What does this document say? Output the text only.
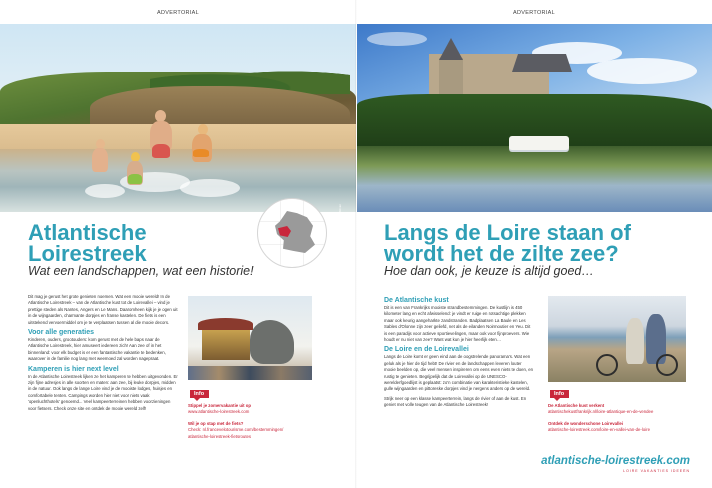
ADVERTORIAL
© Pierre Minier
Atlantische
Loirestreek
Wat een landschappen, wat een historie!
Dit mag je gerust het grote genieten noemen. Wat een mooie wereld! In de Atlantische Loirestreek – van de Atlantische kust tot de Loirevallei – vind je prettige steden als Nantes, Angers en Le Mans. Daaromheen kijk je je ogen uit in de wijngaarden, charmante dorpjes en franse kastelen. De fiets is een uitstekend vervoermiddel om je te verplaatsen tussen al die mooie decors.
Voor alle generaties
Kinderen, ouders, grootouders: kom gerust met de hele baps naar de Atlantische Loirestreek, hier amuseert iedereen zich! Aan zee of in het binnenland: voor elk budget is er een fantastische vakantie te bedenken, waarover in de familie nog lang met weemoed zal worden nagepraat.
Kamperen is hier next level
In de Atlantische Loirestreek lijken ze het kamperen te hebben uitgevonden. Er zijn fijne adresjes in alle soorten en maten: aan zee, bij leuke dorpjes, midden in de natuur. Ook langs de lange Loire vind je de mooiste lodges, huisjes en comfortabele tenten. Campings worden hier niet voor niets vaak 'openluchthotels' genoemd... Veel kampeerterreinen hebben voorzieningen voor fietsers. Check onze site en ontdek de mooie wereld zelf!
Info
Stippel je zomervakantie uit op
www.atlantische-loirestreek.com
Wil je op stap met de fiets?
Check: nl.francevelotourisme.com/bestemmingen/
atlantische-loirestreek-fietsroutes
ADVERTORIAL
Langs de Loire staan of
wordt het de zilte zee?
Hoe dan ook, je keuze is altijd goed…
De Atlantische kust
Dit is een van Frankrijks mooiste strandbestemmingen. De kustlijn is 450 kilometer lang en echt afwisselend: je vindt er ruige en rotsachtige plekken maar ook keurig aangeharkte zandstranden. Badplaatsen La Baule en Les Sables d'Olonne zijn zeer geliefd, net als de eilanden Noirmoutier en Yeu. Dit is een paradijs voor actieve sportievelingen, maar ook voor fijnproevers. Wie houdt er nu niet van zee? Want wat kun je hier heerlijk eten…
De Loire en de Loirevallei
Langs de Loire komt er geen eind aan de oogstrelende panorama's. Wat een geluk als je hier de tijd hebt! De rivier en de landschappen leveren louter mooie beelden op, die veel mensen inspireren om eens even niets te doen, en rustig te genieten. Begrijpelijk dat de Loirevallei op de UNESCO-werelderfgoedlijst is geplaatst: zo'n combinatie van karakteristieke kastelen, gulle wijngaarden en pittoreske dorpjes vind je nergens anders op de wereld.
Strijk neer op een klasse kampeerterrein, langs de rivier of aan de kust. En geniet met volle teugen van de Atlantische Loirestreek!
Info
De Atlantische kust verkent
atlantischekustfrankrijk.nl/loire-atlantique-en-de-vendee
Ontdek de wonderschone Loirevallei
atlantische-loirestreek.com/loire-en-vallei-van-de-loire
atlantische-loirestreek.com
LOIRE VAKANTIES IDEEËN
